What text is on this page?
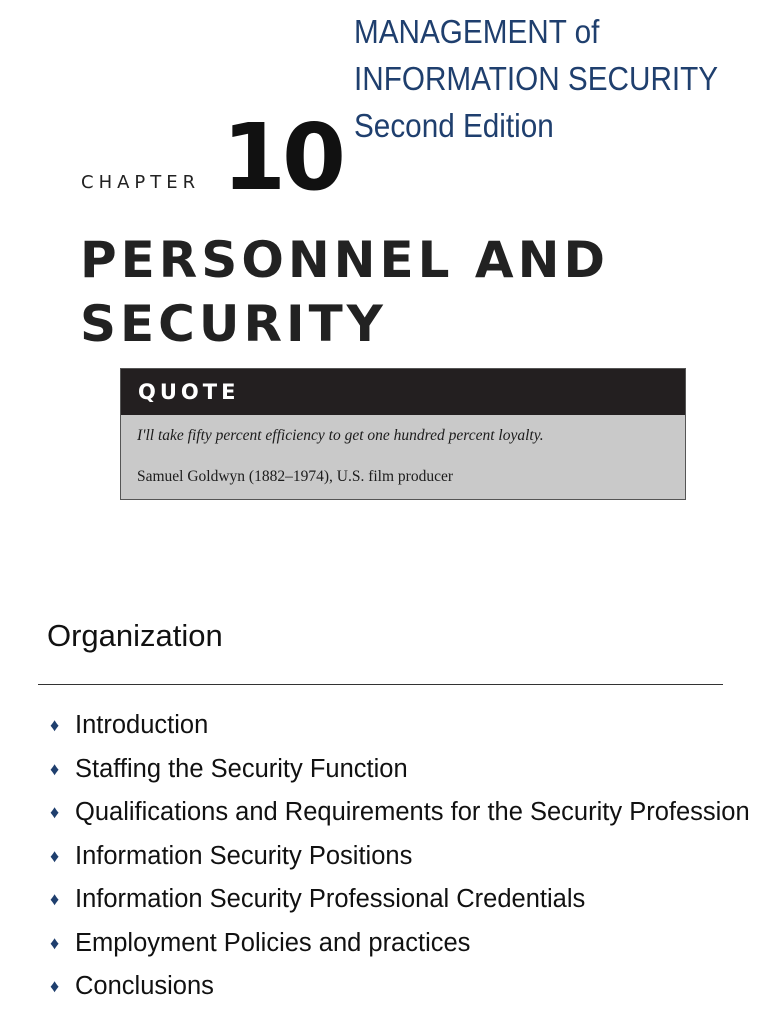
MANAGEMENT of
INFORMATION SECURITY
Second Edition
CHAPTER 10
PERSONNEL AND
SECURITY
QUOTE
I'll take fifty percent efficiency to get one hundred percent loyalty.
Samuel Goldwyn (1882–1974), U.S. film producer
Organization
♦ Introduction
♦ Staffing the Security Function
♦ Qualifications and Requirements for the Security Profession
♦ Information Security Positions
♦ Information Security Professional Credentials
♦ Employment Policies and practices
♦ Conclusions
